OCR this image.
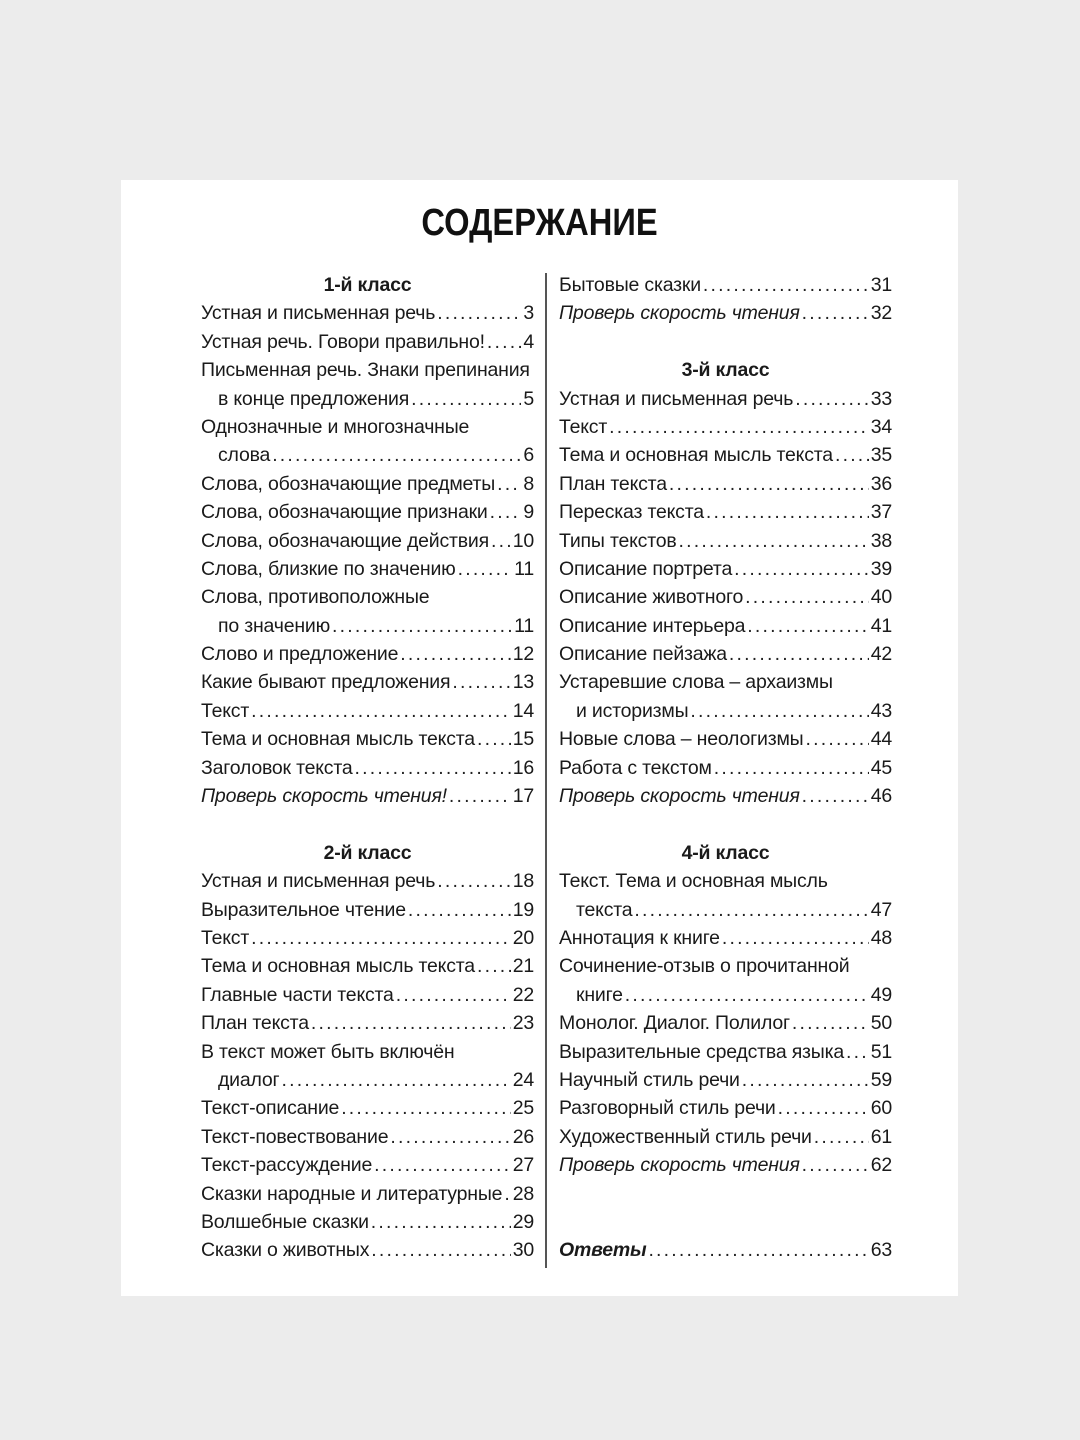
СОДЕРЖАНИЕ
1-й класс
Устная и письменная речь .....	3
Устная речь. Говори правильно! ..... 4
Письменная речь. Знаки препинания
в конце предложения .....	5
Однозначные и многозначные
слова .....	6
Слова, обозначающие предметы ..... 8
Слова, обозначающие признаки ..... 9
Слова, обозначающие действия ..... 10
Слова, близкие по значению .....	11
Слова, противоположные
по значению .....	11
Слово и предложение .....	12
Какие бывают предложения .....	13
Текст .....	14
Тема и основная мысль текста ..... 15
Заголовок текста .....	16
Проверь скорость чтения! .....	17
2-й класс
Устная и письменная речь .....	18
Выразительное чтение .....	19
Текст .....	20
Тема и основная мысль текста ..... 21
Главные части текста .....	22
План текста .....	23
В текст может быть включён
диалог .....	24
Текст-описание .....	25
Текст-повествование .....	26
Текст-рассуждение .....	27
Сказки народные и литературные ..... 28
Волшебные сказки .....	29
Сказки о животных .....	30
Бытовые сказки .....	31
Проверь скорость чтения .....	32
3-й класс
Устная и письменная речь .....	33
Текст .....	34
Тема и основная мысль текста ..... 35
План текста .....	36
Пересказ текста .....	37
Типы текстов .....	38
Описание портрета .....	39
Описание животного .....	40
Описание интерьера .....	41
Описание пейзажа .....	42
Устаревшие слова – архаизмы
и историзмы .....	43
Новые слова – неологизмы .....	44
Работа с текстом .....	45
Проверь скорость чтения .....	46
4-й класс
Текст. Тема и основная мысль
текста .....	47
Аннотация к книге .....	48
Сочинение-отзыв о прочитанной
книге .....	49
Монолог. Диалог. Полилог .....	50
Выразительные средства языка ..... 51
Научный стиль речи .....	59
Разговорный стиль речи .....	60
Художественный стиль речи .....	61
Проверь скорость чтения .....	62
Ответы .....	63
